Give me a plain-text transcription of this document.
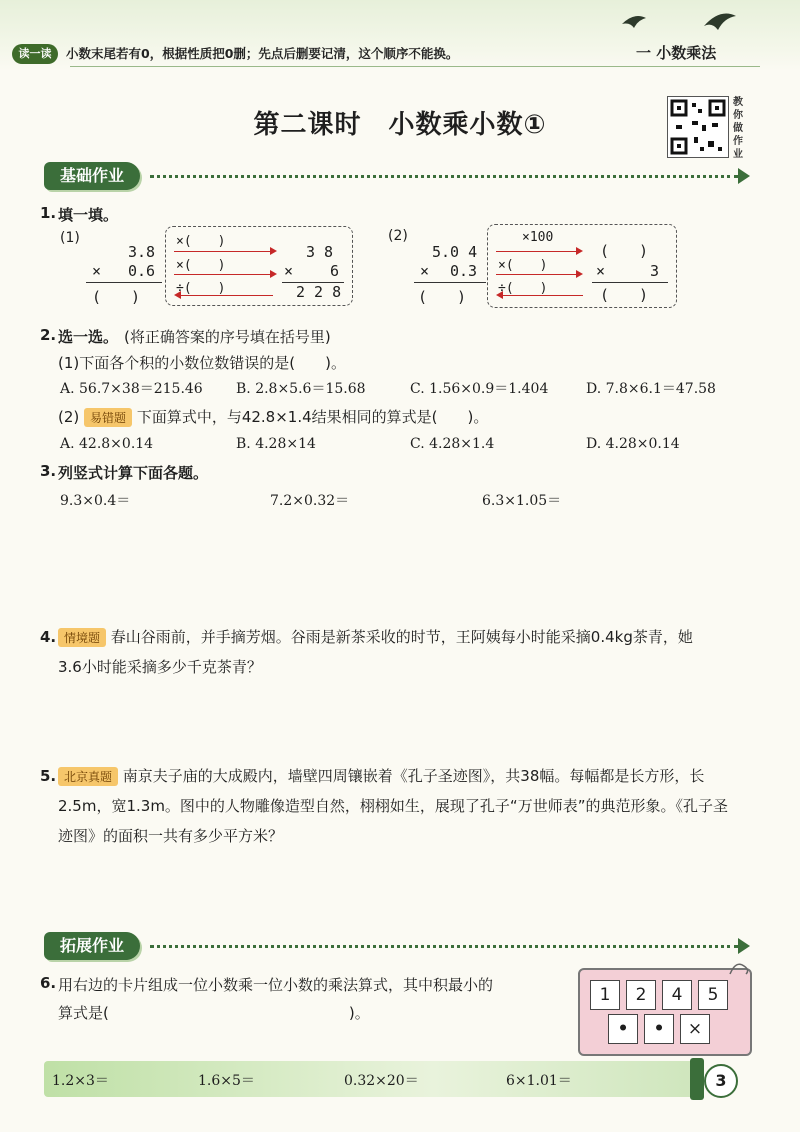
读一读	小数末尾若有0，根据性质把0删；先点后删要记清，这个顺序不能换。	一 小数乘法
第二课时　小数乘小数①
教
你
做
作
业
基础作业
1. 填一填。
(1)
3.8
× 0.6
(　　)
×(　　)
×(　　)
÷(　　)
3 8
× 6
2 2 8
(2)
5.0 4
× 0.3
(　　)
×100
×(　　)
÷(　　)
(　　)
×	3
(　　)
2. 选一选。 (将正确答案的序号填在括号里)
(1)下面各个积的小数位数错误的是(　　)。
A. 56.7×38＝215.46 B. 2.8×5.6＝15.68	C. 1.56×0.9＝1.404	D. 7.8×6.1＝47.58
(2) 易错题 下面算式中，与42.8×1.4结果相同的算式是(　　)。
A. 42.8×0.14	B. 4.28×14	C. 4.28×1.4	D. 4.28×0.14
3. 列竖式计算下面各题。
9.3×0.4＝	7.2×0.32＝	6.3×1.05＝
4. 情境题 春山谷雨前，并手摘芳烟。谷雨是新茶采收的时节，王阿姨每小时能采摘0.4kg茶青，她
3.6小时能采摘多少千克茶青？
5. 北京真题 南京夫子庙的大成殿内，墙壁四周镶嵌着《孔子圣迹图》，共38幅。每幅都是长方形，长
2.5m，宽1.3m。图中的人物雕像造型自然，栩栩如生，展现了孔子“万世师表”的典范形象。《孔子圣
迹图》的面积一共有多少平方米？
拓展作业
6. 用右边的卡片组成一位小数乘一位小数的乘法算式，其中积最小的
算式是(　　　　　　　　　　　　　　　　)。
1	2	4	5
•	•	×
1.2×3＝	1.6×5＝	0.32×20＝	6×1.01＝	3
